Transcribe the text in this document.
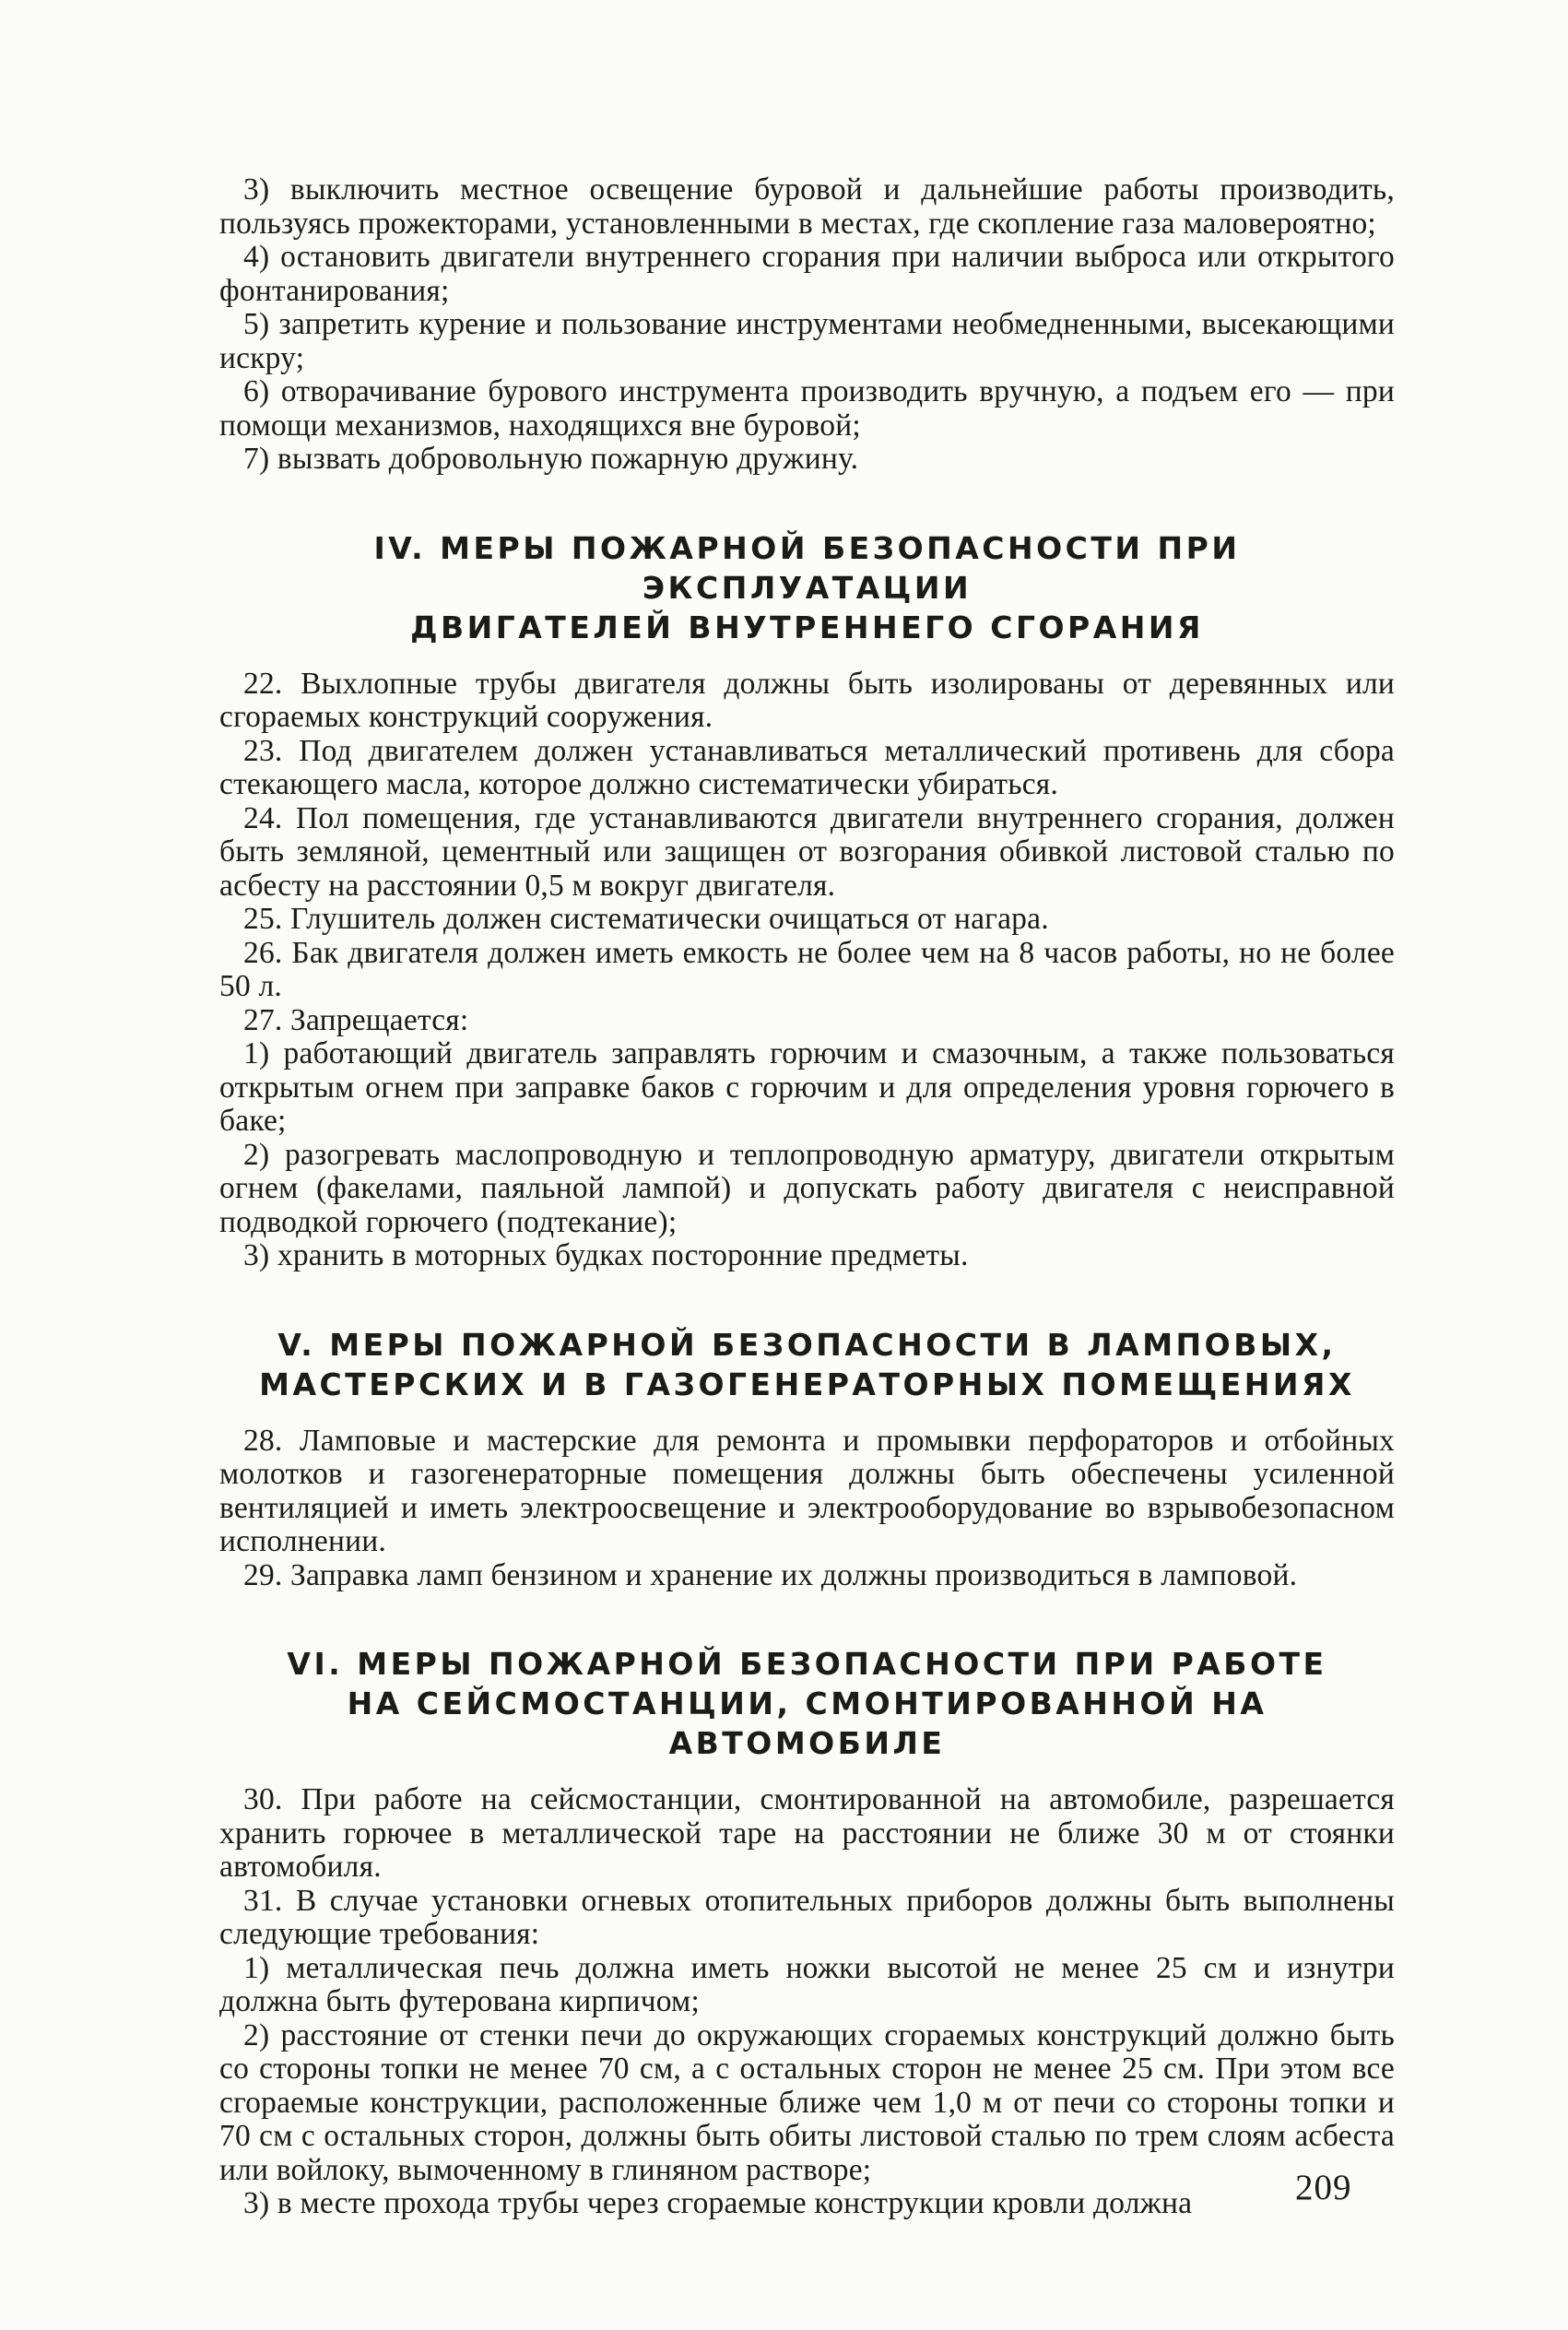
3) выключить местное освещение буровой и дальнейшие работы производить, пользуясь прожекторами, установленными в местах, где скопление газа маловероятно;

4) остановить двигатели внутреннего сгорания при наличии выброса или открытого фонтанирования;

5) запретить курение и пользование инструментами необмедненными, высекающими искру;

6) отворачивание бурового инструмента производить вручную, а подъем его — при помощи механизмов, находящихся вне буровой;

7) вызвать добровольную пожарную дружину.

IV. МЕРЫ ПОЖАРНОЙ БЕЗОПАСНОСТИ ПРИ ЭКСПЛУАТАЦИИ
ДВИГАТЕЛЕЙ ВНУТРЕННЕГО СГОРАНИЯ

22. Выхлопные трубы двигателя должны быть изолированы от деревянных или сгораемых конструкций сооружения.

23. Под двигателем должен устанавливаться металлический противень для сбора стекающего масла, которое должно систематически убираться.

24. Пол помещения, где устанавливаются двигатели внутреннего сгорания, должен быть земляной, цементный или защищен от возгорания обивкой листовой сталью по асбесту на расстоянии 0,5 м вокруг двигателя.

25. Глушитель должен систематически очищаться от нагара.

26. Бак двигателя должен иметь емкость не более чем на 8 часов работы, но не более 50 л.

27. Запрещается:

1) работающий двигатель заправлять горючим и смазочным, а также пользоваться открытым огнем при заправке баков с горючим и для определения уровня горючего в баке;

2) разогревать маслопроводную и теплопроводную арматуру, двигатели открытым огнем (факелами, паяльной лампой) и допускать работу двигателя с неисправной подводкой горючего (подтекание);

3) хранить в моторных будках посторонние предметы.

V. МЕРЫ ПОЖАРНОЙ БЕЗОПАСНОСТИ В ЛАМПОВЫХ,
МАСТЕРСКИХ И В ГАЗОГЕНЕРАТОРНЫХ ПОМЕЩЕНИЯХ

28. Ламповые и мастерские для ремонта и промывки перфораторов и отбойных молотков и газогенераторные помещения должны быть обеспечены усиленной вентиляцией и иметь электроосвещение и электрооборудование во взрывобезопасном исполнении.

29. Заправка ламп бензином и хранение их должны производиться в ламповой.

VI. МЕРЫ ПОЖАРНОЙ БЕЗОПАСНОСТИ ПРИ РАБОТЕ
НА СЕЙСМОСТАНЦИИ, СМОНТИРОВАННОЙ НА АВТОМОБИЛЕ

30. При работе на сейсмостанции, смонтированной на автомобиле, разрешается хранить горючее в металлической таре на расстоянии не ближе 30 м от стоянки автомобиля.

31. В случае установки огневых отопительных приборов должны быть выполнены следующие требования:

1) металлическая печь должна иметь ножки высотой не менее 25 см и изнутри должна быть футерована кирпичом;

2) расстояние от стенки печи до окружающих сгораемых конструкций должно быть со стороны топки не менее 70 см, а с остальных сторон не менее 25 см. При этом все сгораемые конструкции, расположенные ближе чем 1,0 м от печи со стороны топки и 70 см с остальных сторон, должны быть обиты листовой сталью по трем слоям асбеста или войлоку, вымоченному в глиняном растворе;

3) в месте прохода трубы через сгораемые конструкции кровли должна	209
